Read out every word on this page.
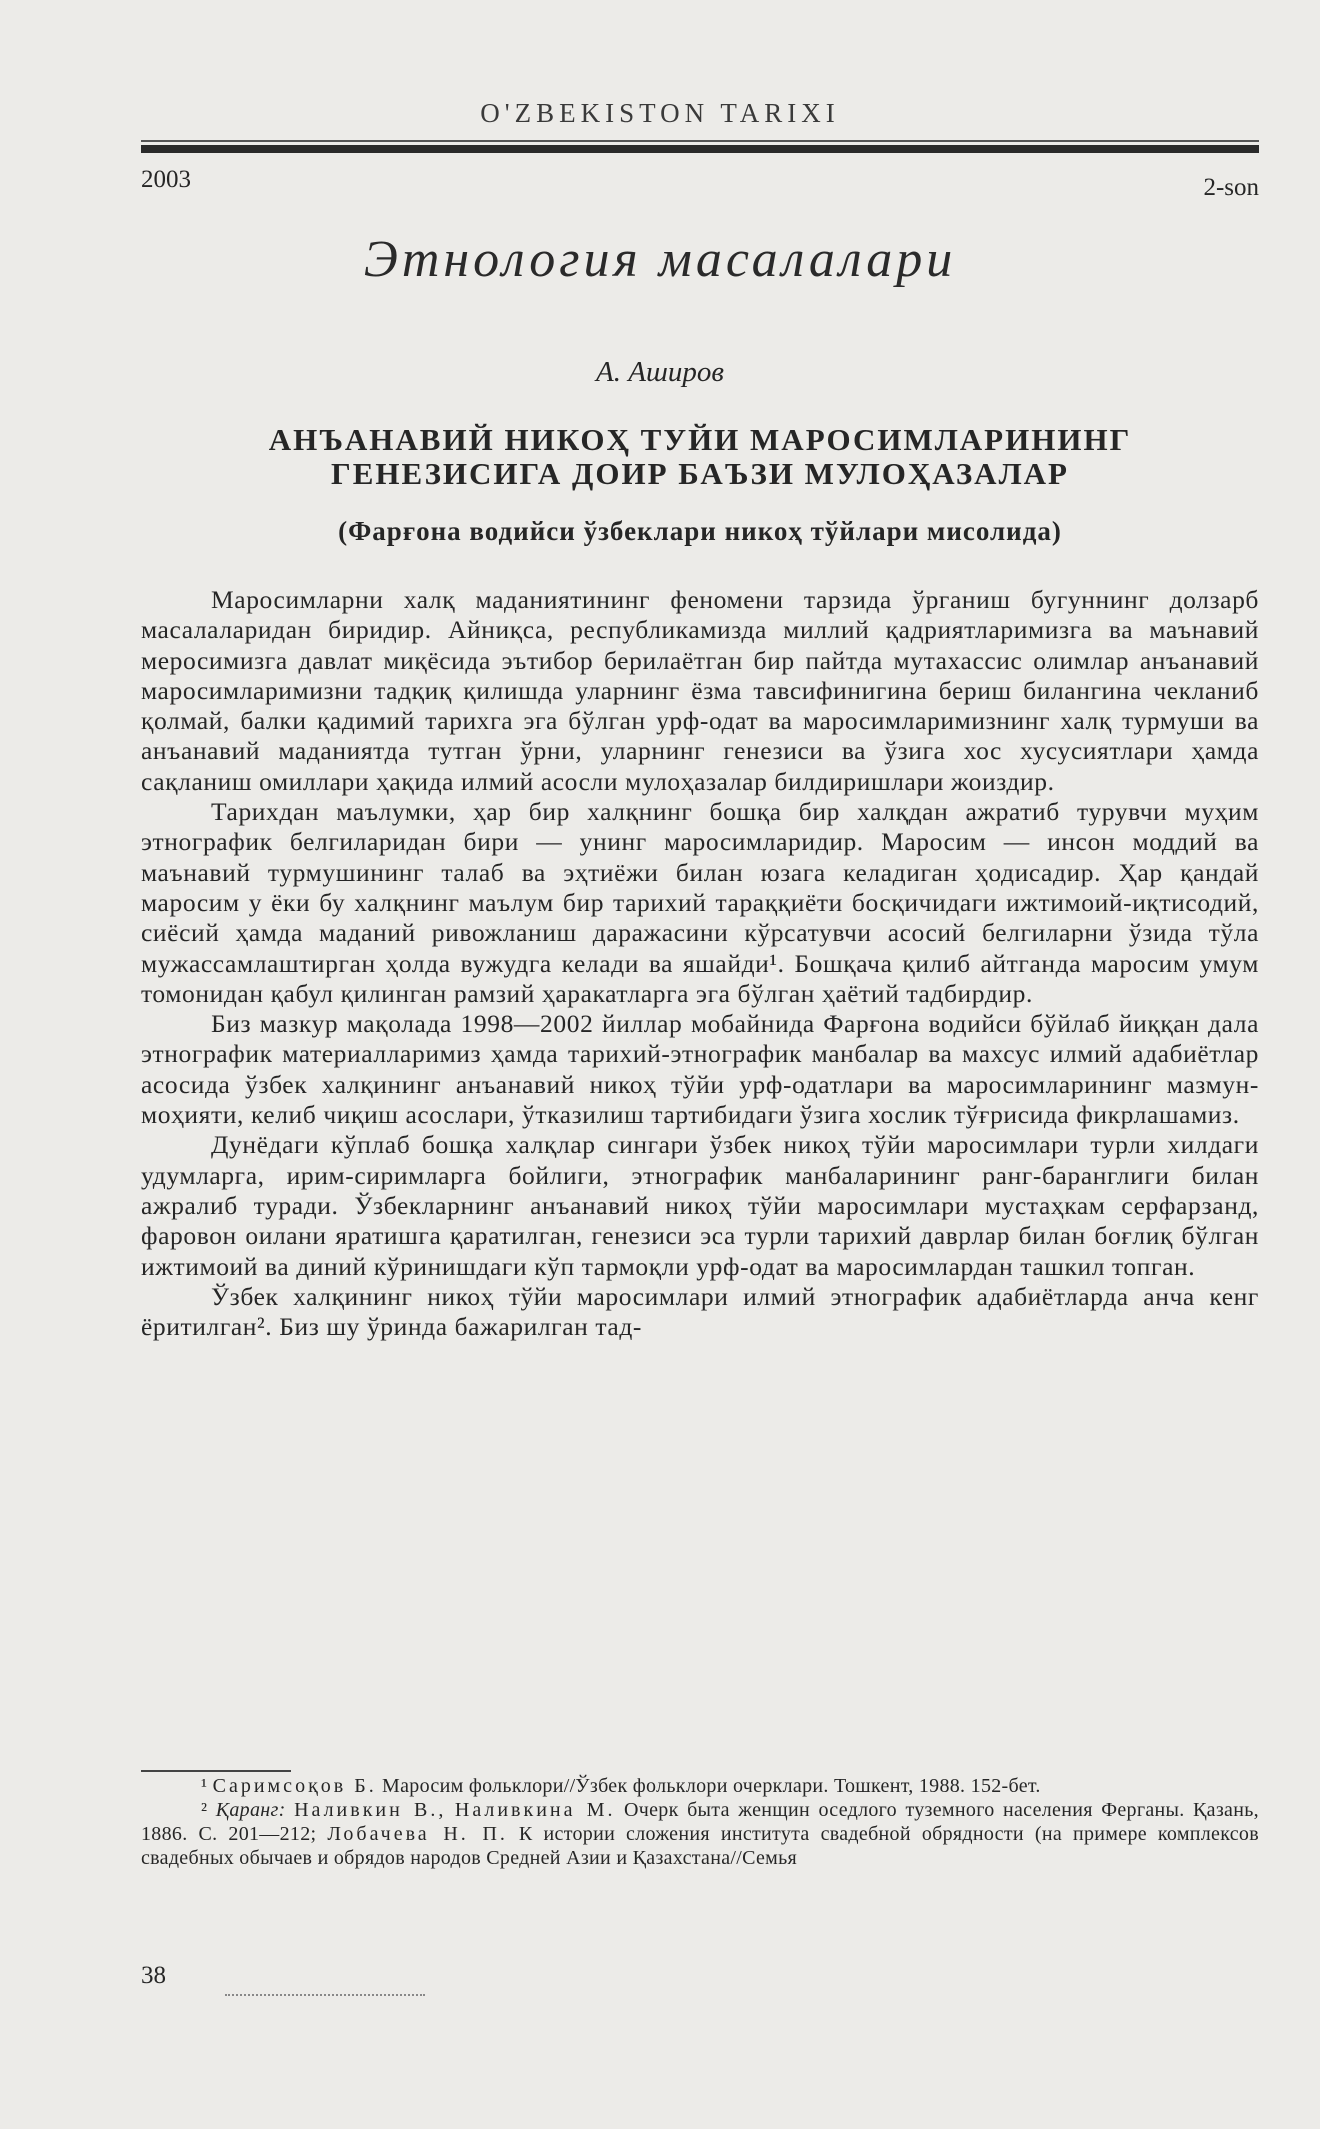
O'ZBEKISTON TARIXI
2003	2-son
Этнология масалалари
А. Аширов
АНЪАНАВИЙ НИКОҲ ТУЙИ МАРОСИМЛАРИНИНГ
ГЕНЕЗИСИГА ДОИР БАЪЗИ МУЛОҲАЗАЛАР
(Фарғона водийси ўзбеклари никоҳ тўйлари мисолида)

Маросимларни халқ маданиятининг феномени тарзида ўрганиш бугуннинг долзарб масалаларидан биридир. Айниқса, республикамизда миллий қадриятларимизга ва маънавий меросимизга давлат миқёсида эътибор берилаётган бир пайтда мутахассис олимлар анъанавий маросимларимизни тадқиқ қилишда уларнинг ёзма тавсифинигина бериш билангина чекланиб қолмай, балки қадимий тарихга эга бўлган урф-одат ва маросимларимизнинг халқ турмуши ва анъанавий маданиятда тутган ўрни, уларнинг генезиси ва ўзига хос хусусиятлари ҳамда сақланиш омиллари ҳақида илмий асосли мулоҳазалар билдиришлари жоиздир.

Тарихдан маълумки, ҳар бир халқнинг бошқа бир халқдан ажратиб турувчи муҳим этнографик белгиларидан бири — унинг маросимларидир. Маросим — инсон моддий ва маънавий турмушининг талаб ва эҳтиёжи билан юзага келадиган ҳодисадир. Ҳар қандай маросим у ёки бу халқнинг маълум бир тарихий тараққиёти босқичидаги ижтимоий-иқтисодий, сиёсий ҳамда маданий ривожланиш даражасини кўрсатувчи асосий белгиларни ўзида тўла мужассамлаштирган ҳолда вужудга келади ва яшайди¹. Бошқача қилиб айтганда маросим умум томонидан қабул қилинган рамзий ҳаракатларга эга бўлган ҳаётий тадбирдир.

Биз мазкур мақолада 1998—2002 йиллар мобайнида Фарғона водийси бўйлаб йиққан дала этнографик материалларимиз ҳамда тарихий-этнографик манбалар ва махсус илмий адабиётлар асосида ўзбек халқининг анъанавий никоҳ тўйи урф-одатлари ва маросимларининг мазмун-моҳияти, келиб чиқиш асослари, ўтказилиш тартибидаги ўзига хослик тўғрисида фикрлашамиз.

Дунёдаги кўплаб бошқа халқлар сингари ўзбек никоҳ тўйи маросимлари турли хилдаги удумларга, ирим-сиримларга бойлиги, этнографик манбаларининг ранг-баранглиги билан ажралиб туради. Ўзбекларнинг анъанавий никоҳ тўйи маросимлари мустаҳкам серфарзанд, фаровон оилани яратишга қаратилган, генезиси эса турли тарихий даврлар билан боғлиқ бўлган ижтимоий ва диний кўринишдаги кўп тармоқли урф-одат ва маросимлардан ташкил топган.

Ўзбек халқининг никоҳ тўйи маросимлари илмий этнографик адабиётларда анча кенг ёритилган². Биз шу ўринда бажарилган тад-

¹ Саримсоқов Б. Маросим фольклори//Ўзбек фольклори очерклари. Тошкент, 1988. 152-бет.

² Қаранг: Наливкин В., Наливкина М. Очерк быта женщин оседлого туземного населения Ферганы. Қазань, 1886. С. 201—212; Лобачева Н. П. К истории сложения института свадебной обрядности (на примере комплексов свадебных обычаев и обрядов народов Средней Азии и Қазахстана//Семья

38
